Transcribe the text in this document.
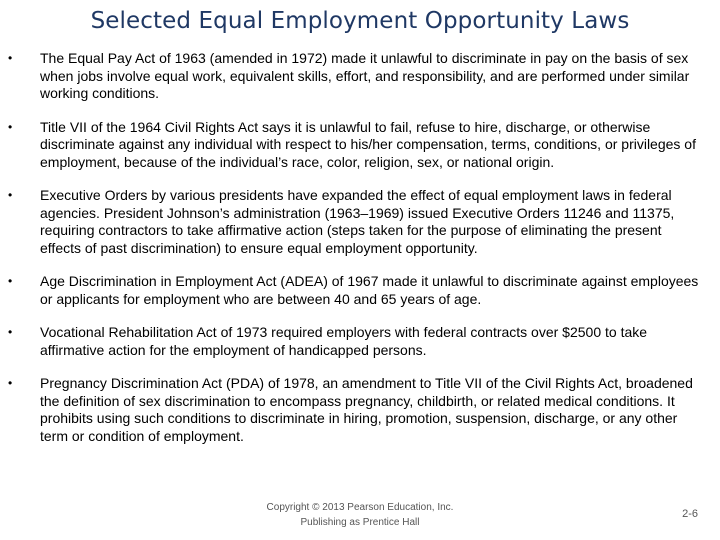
Selected Equal Employment Opportunity Laws
• The Equal Pay Act of 1963 (amended in 1972) made it unlawful to discriminate in pay on the basis of sex when jobs involve equal work, equivalent skills, effort, and responsibility, and are performed under similar working conditions.
• Title VII of the 1964 Civil Rights Act says it is unlawful to fail, refuse to hire, discharge, or otherwise discriminate against any individual with respect to his/her compensation, terms, conditions, or privileges of employment, because of the individual’s race, color, religion, sex, or national origin.
• Executive Orders by various presidents have expanded the effect of equal employment laws in federal agencies. President Johnson’s administration (1963–1969) issued Executive Orders 11246 and 11375, requiring contractors to take affirmative action (steps taken for the purpose of eliminating the present effects of past discrimination) to ensure equal employment opportunity.
• Age Discrimination in Employment Act (ADEA) of 1967 made it unlawful to discriminate against employees or applicants for employment who are between 40 and 65 years of age.
• Vocational Rehabilitation Act of 1973 required employers with federal contracts over $2500 to take affirmative action for the employment of handicapped persons.
• Pregnancy Discrimination Act (PDA) of 1978, an amendment to Title VII of the Civil Rights Act, broadened the definition of sex discrimination to encompass pregnancy, childbirth, or related medical conditions. It prohibits using such conditions to discriminate in hiring, promotion, suspension, discharge, or any other term or condition of employment.
Copyright © 2013 Pearson Education, Inc.
Publishing as Prentice Hall
2-6
